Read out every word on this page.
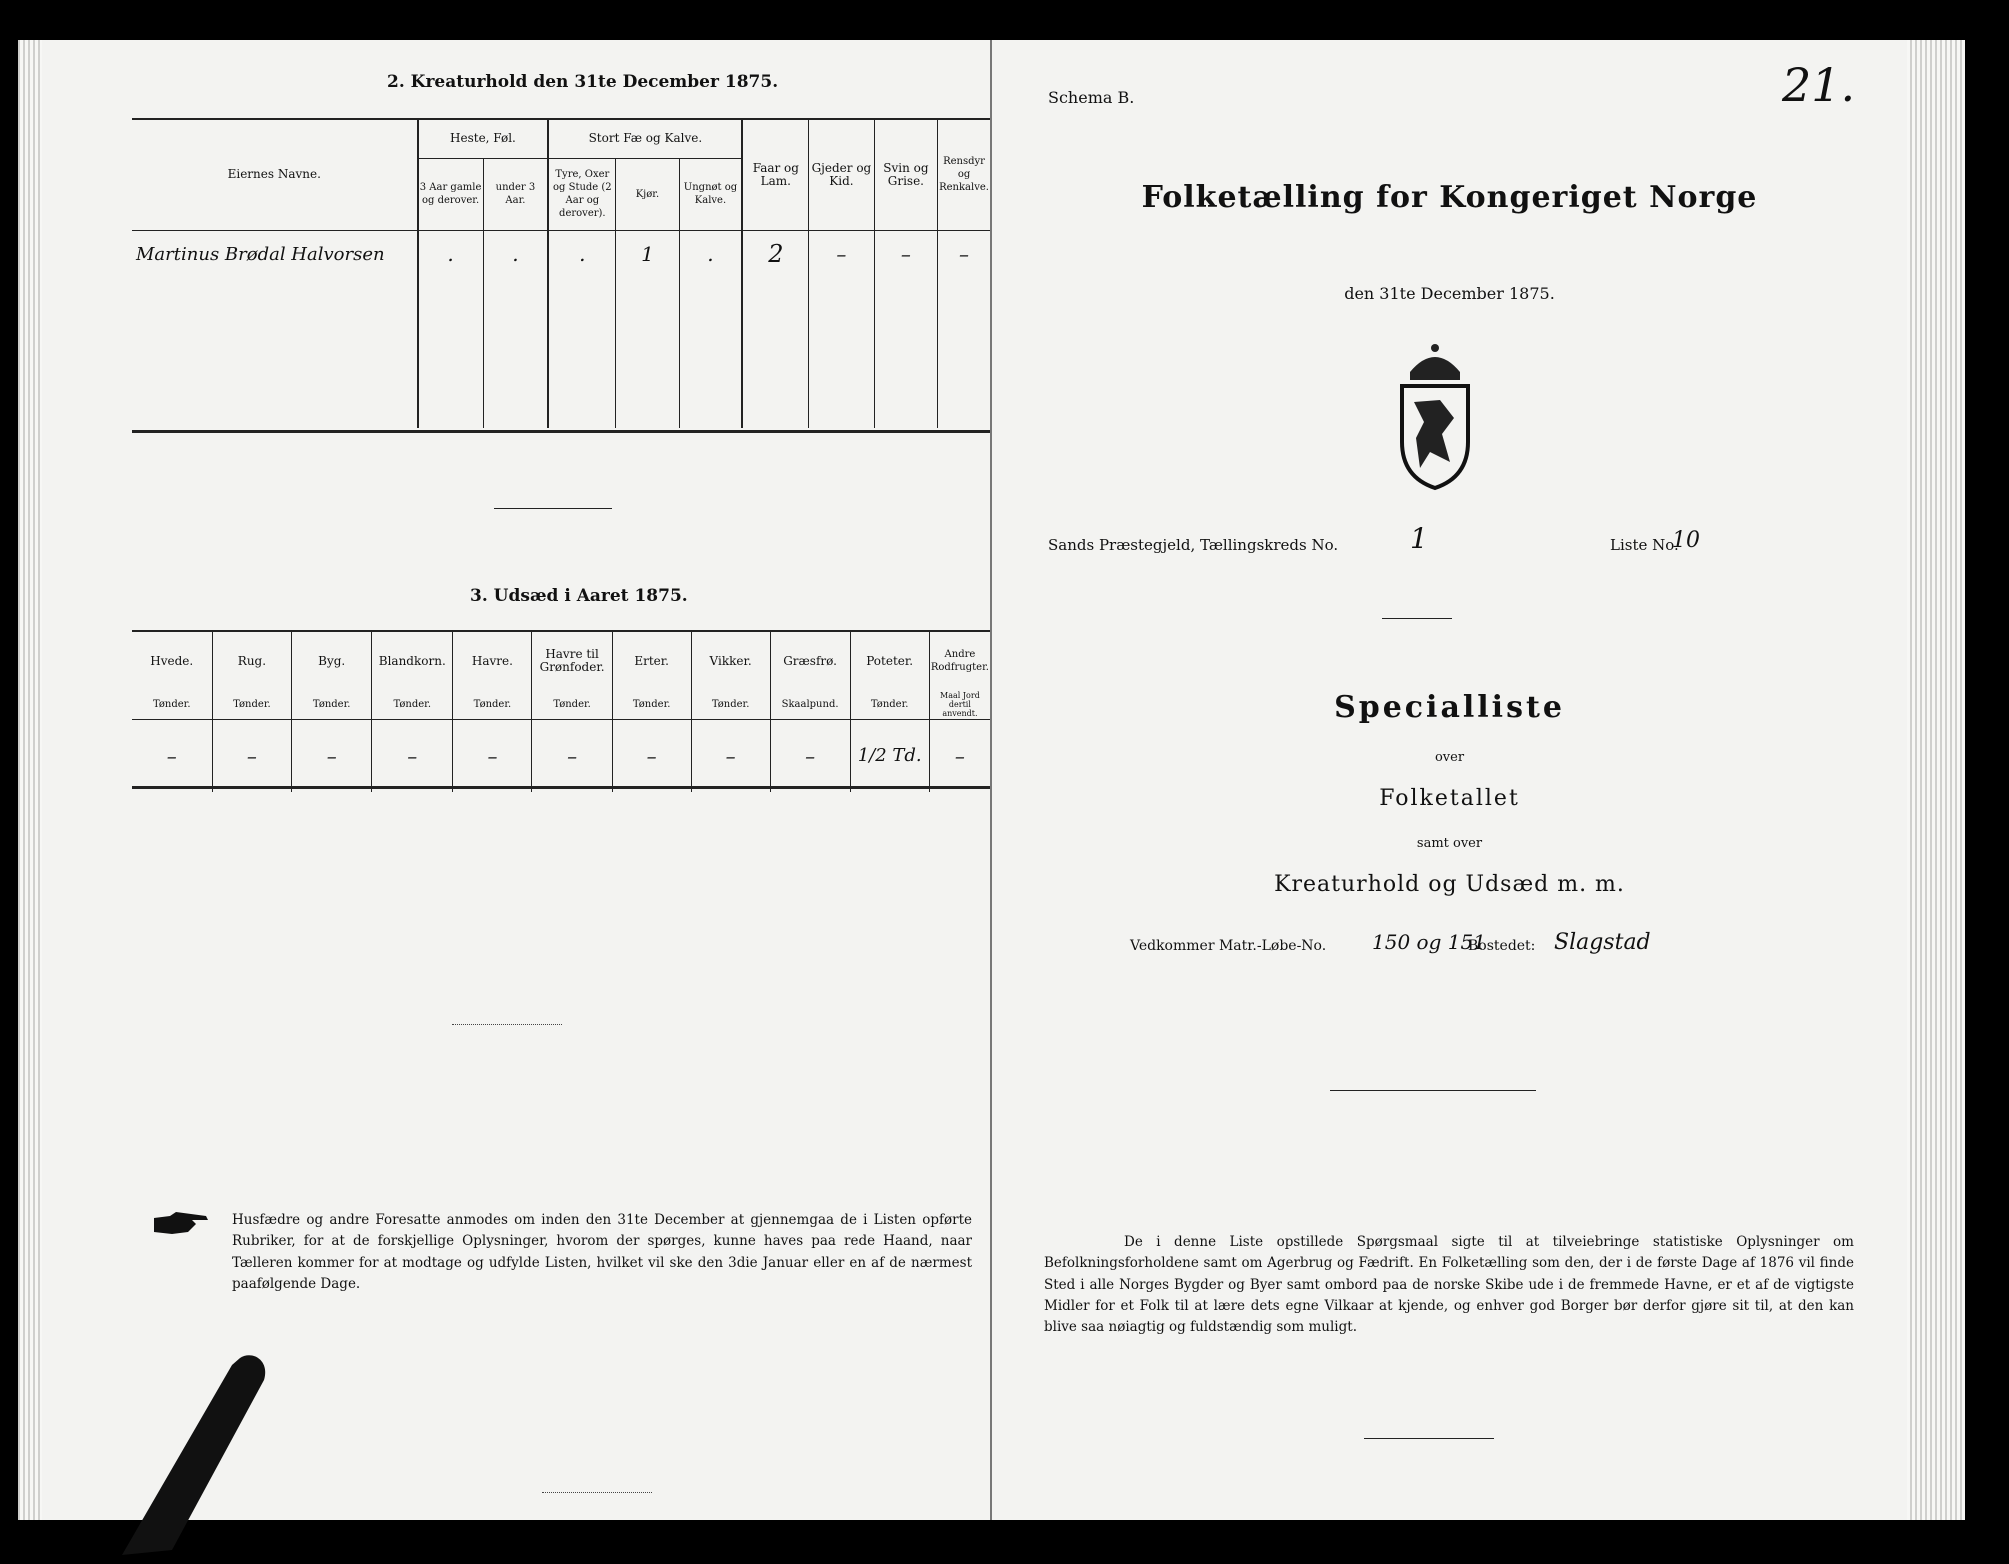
2. Kreaturhold den 31te December 1875.
Eiernes Navne.	Heste, Føl.		Stort Fæ og Kalve.			Faar og Lam.	Gjeder og Kid.	Svin og Grise.	Rensdyr og Renkalve.
	3 Aar gamle og derover.	under 3 Aar.	Tyre, Oxer og Stude (2 Aar og derover).	Kjør.	Ungnøt og Kalve.				
Martinus Brødal Halvorsen	.	.	.	1	.	2	–	–	–

3. Udsæd i Aaret 1875.
Hvede.	Rug.	Byg.	Blandkorn.	Havre.	Havre til Grønfoder.	Erter.	Vikker.	Græsfrø.	Poteter.	Andre Rodfrugter.
Tønder.	Tønder.	Tønder.	Tønder.	Tønder.	Tønder.	Tønder.	Tønder.	Skaalpund.	Tønder.	Maal Jord dertil anvendt.
–	–	–	–	–	–	–	–	–	1/2 Td.	–
Husfædre og andre Foresatte anmodes om inden den 31te December at gjennemgaa de i Listen opførte Rubriker, for at de forskjellige Oplysninger, hvorom der spørges, kunne haves paa rede Haand, naar Tælleren kommer for at modtage og udfylde Listen, hvilket vil ske den 3die Januar eller en af de nærmest paafølgende Dage.
Schema B.	21.
Folketælling for Kongeriget Norge
den 31te December 1875.
Sands Præstegjeld, Tællingskreds No.	1	Liste No.
10
Specialliste
over
Folketallet
samt over
Kreaturhold og Udsæd m. m.
Vedkommer Matr.-Løbe-No. 150 og 151
Bostedet: Slagstad
De i denne Liste opstillede Spørgsmaal sigte til at tilveiebringe statistiske Oplysninger om Befolkningsforholdene samt om Agerbrug og Fædrift. En Folketælling som den, der i de første Dage af 1876 vil finde Sted i alle Norges Bygder og Byer samt ombord paa de norske Skibe ude i de fremmede Havne, er et af de vigtigste Midler for et Folk til at lære dets egne Vilkaar at kjende, og enhver god Borger bør derfor gjøre sit til, at den kan blive saa nøiagtig og fuldstændig som muligt.
